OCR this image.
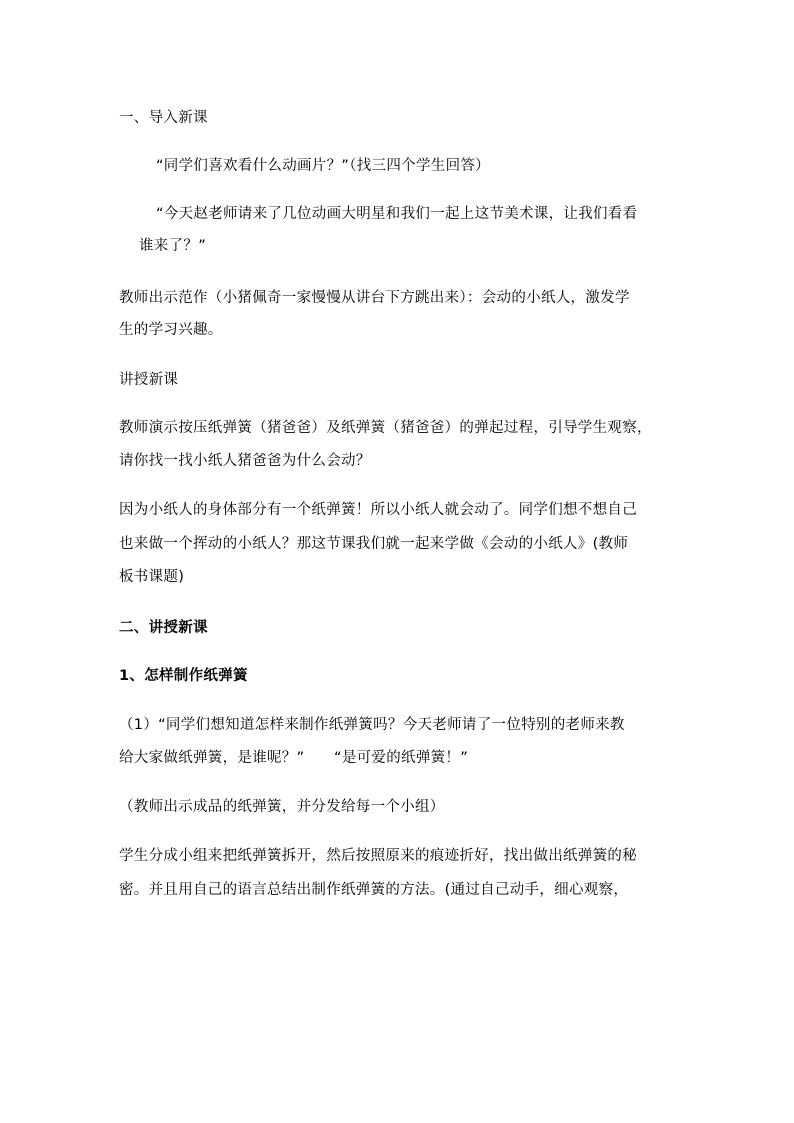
一、导入新课
“同学们喜欢看什么动画片？”（找三四个学生回答）
“今天赵老师请来了几位动画大明星和我们一起上这节美术课，让我们看看
谁来了？”
教师出示范作（小猪佩奇一家慢慢从讲台下方跳出来）：会动的小纸人，激发学
生的学习兴趣。
讲授新课
教师演示按压纸弹簧（猪爸爸）及纸弹簧（猪爸爸）的弹起过程，引导学生观察，
请你找一找小纸人猪爸爸为什么会动？
因为小纸人的身体部分有一个纸弹簧！所以小纸人就会动了。同学们想不想自己
也来做一个挥动的小纸人？那这节课我们就一起来学做《会动的小纸人》(教师
板书课题)
二、讲授新课
1、怎样制作纸弹簧
（1）“同学们想知道怎样来制作纸弹簧吗？今天老师请了一位特别的老师来教
给大家做纸弹簧，是谁呢？”　　“是可爱的纸弹簧！”
（教师出示成品的纸弹簧，并分发给每一个小组）
学生分成小组来把纸弹簧拆开，然后按照原来的痕迹折好，找出做出纸弹簧的秘
密。并且用自己的语言总结出制作纸弹簧的方法。(通过自己动手，细心观察，
